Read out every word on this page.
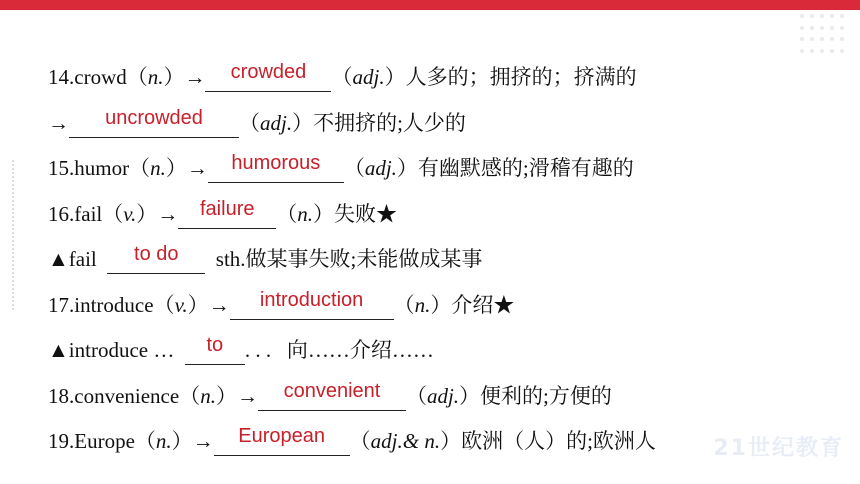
14.crowd（n.）→ crowded （adj.）人多的；拥挤的；挤满的
→ uncrowded （adj.）不拥挤的;人少的
15.humor（n.）→ humorous （adj.）有幽默感的;滑稽有趣的
16.fail（v.）→ failure （n.）失败★
▲fail to do sth.做某事失败;未能做成某事
17.introduce（v.）→ introduction （n.）介绍★
▲introduce … to . . . 向……介绍……
18.convenience（n.）→ convenient （adj.）便利的;方便的
19.Europe（n.）→ European （adj.& n.）欧洲（人）的;欧洲人	21世纪教育
